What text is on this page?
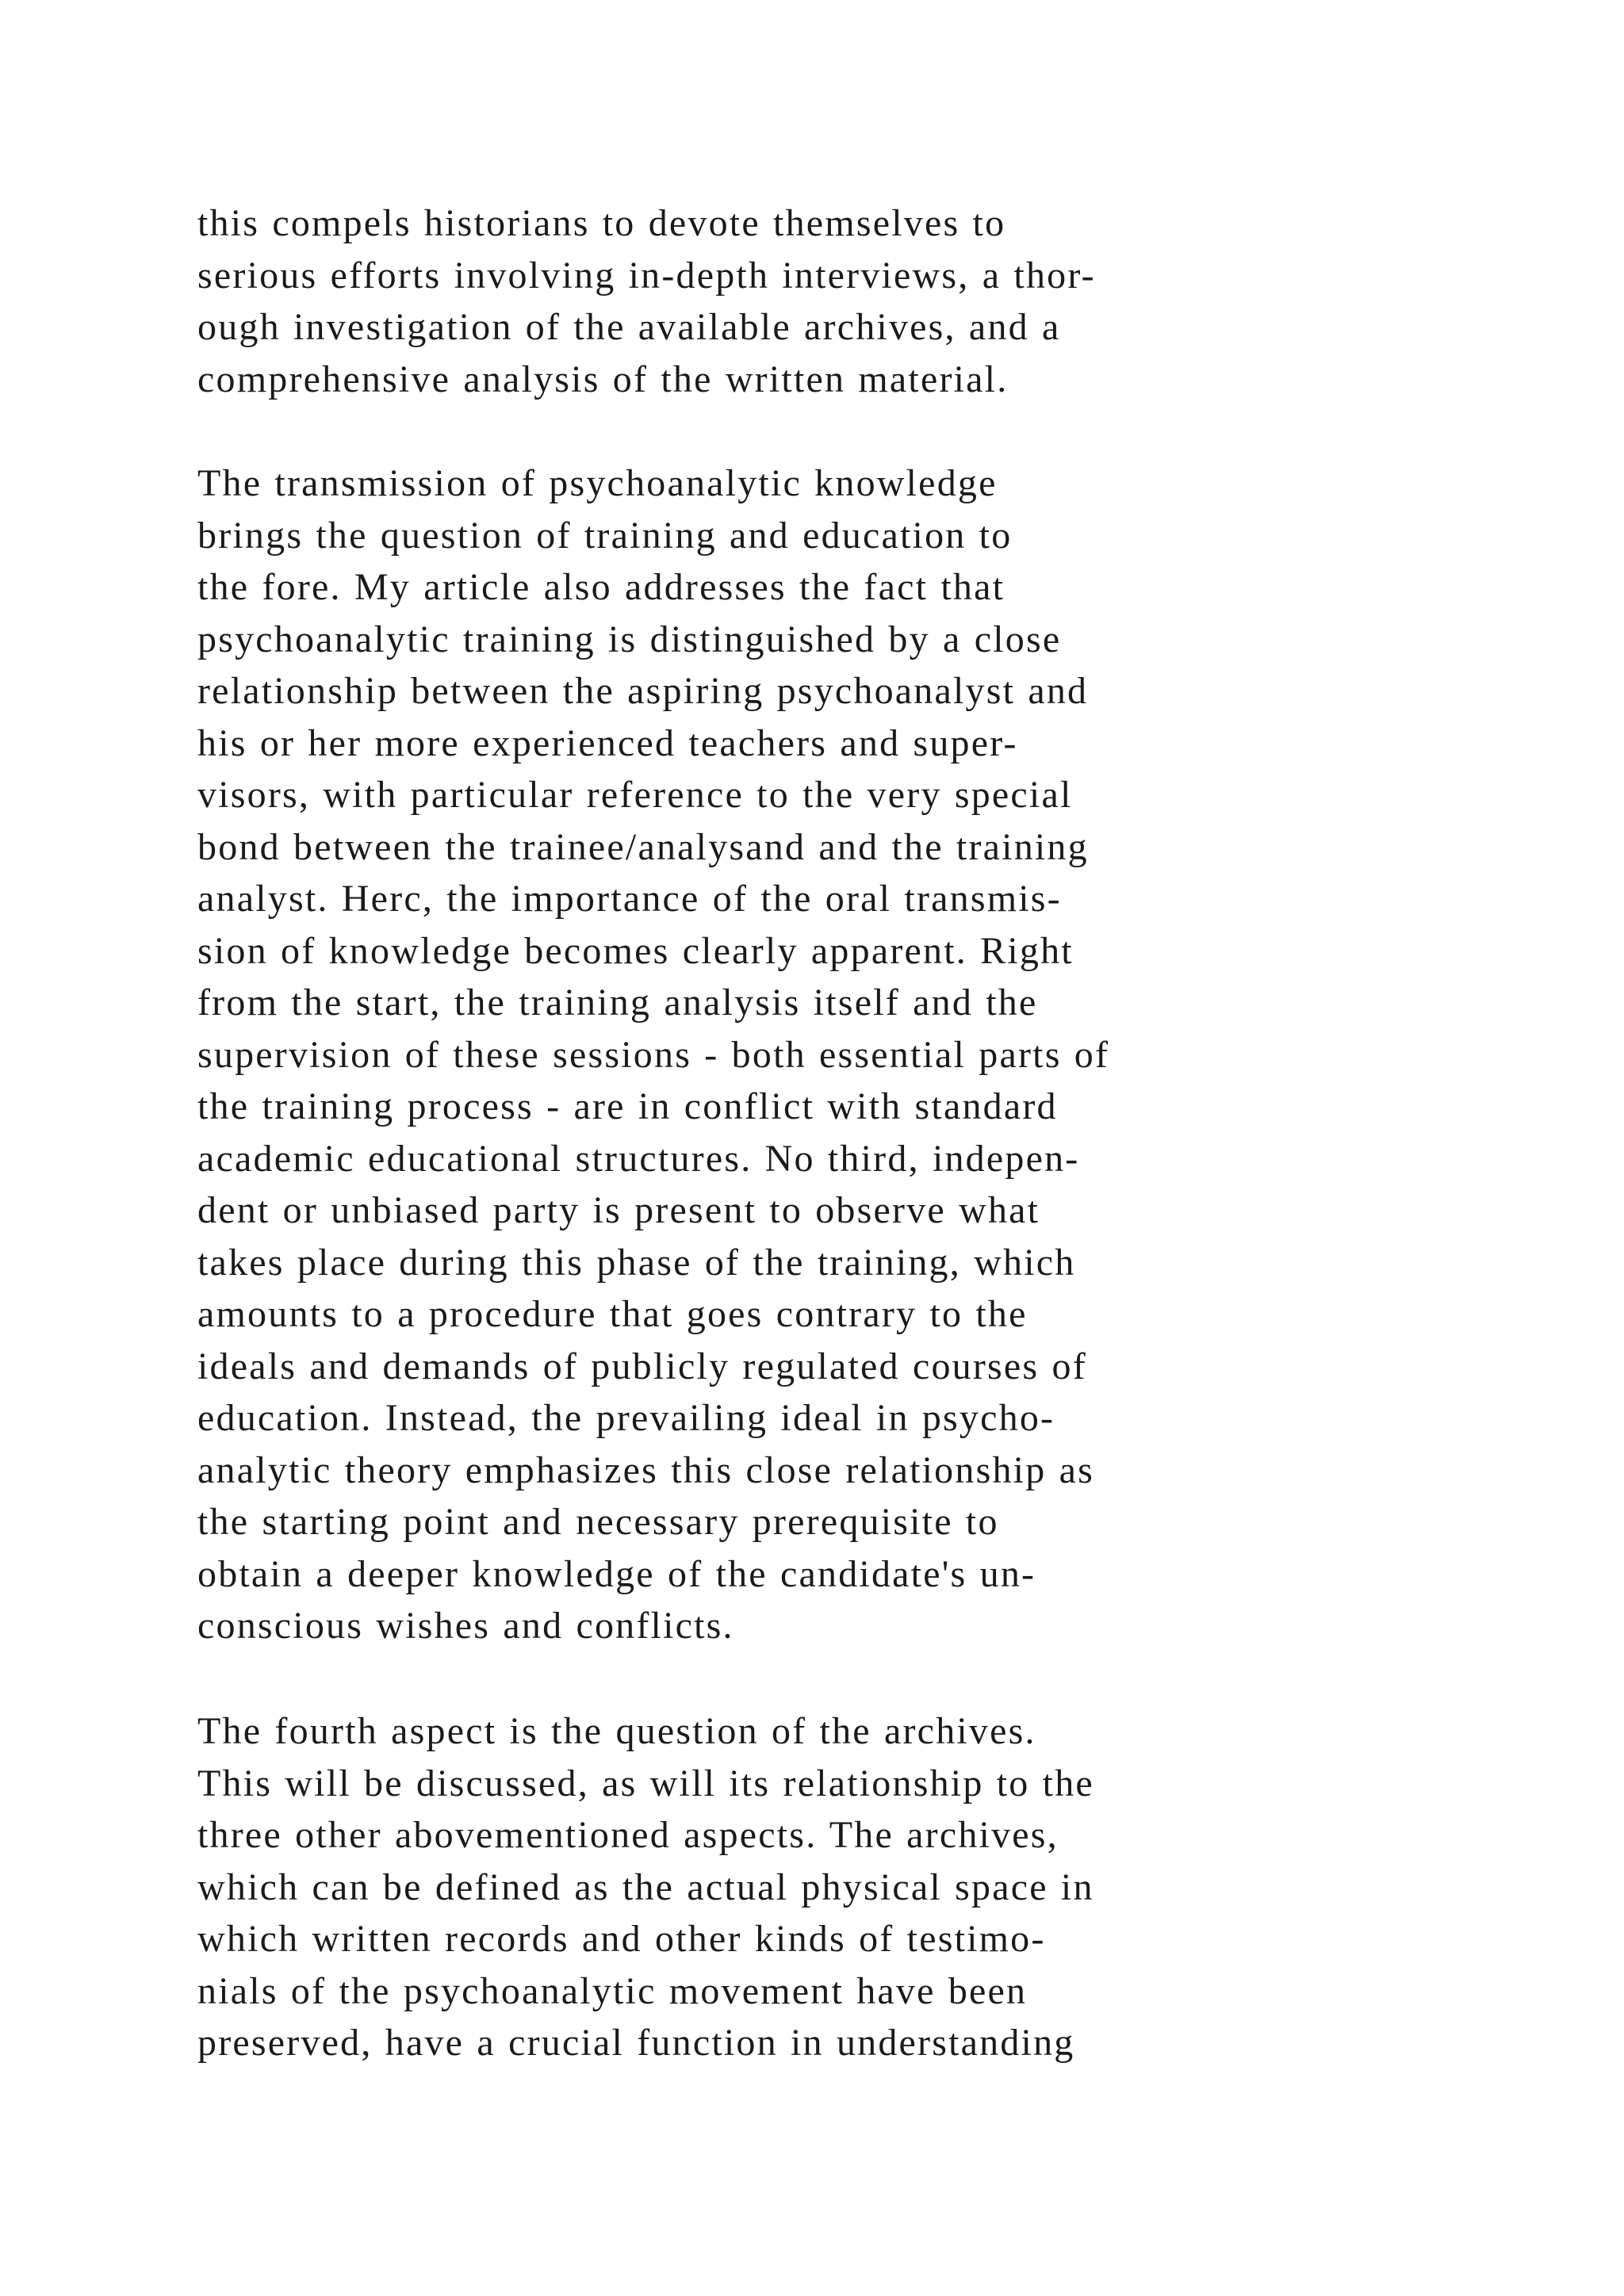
this compels historians to devote themselves to
serious efforts involving in-depth interviews, a thor-
ough investigation of the available archives, and a
comprehensive analysis of the written material.
The transmission of psychoanalytic knowledge
brings the question of training and education to
the fore. My article also addresses the fact that
psychoanalytic training is distinguished by a close
relationship between the aspiring psychoanalyst and
his or her more experienced teachers and super-
visors, with particular reference to the very special
bond between the trainee/analysand and the training
analyst. Herc, the importance of the oral transmis-
sion of knowledge becomes clearly apparent. Right
from the start, the training analysis itself and the
supervision of these sessions - both essential parts of
the training process - are in conflict with standard
academic educational structures. No third, indepen-
dent or unbiased party is present to observe what
takes place during this phase of the training, which
amounts to a procedure that goes contrary to the
ideals and demands of publicly regulated courses of
education. Instead, the prevailing ideal in psycho-
analytic theory emphasizes this close relationship as
the starting point and necessary prerequisite to
obtain a deeper knowledge of the candidate's un-
conscious wishes and conflicts.
The fourth aspect is the question of the archives.
This will be discussed, as will its relationship to the
three other abovementioned aspects. The archives,
which can be defined as the actual physical space in
which written records and other kinds of testimo-
nials of the psychoanalytic movement have been
preserved, have a crucial function in understanding
